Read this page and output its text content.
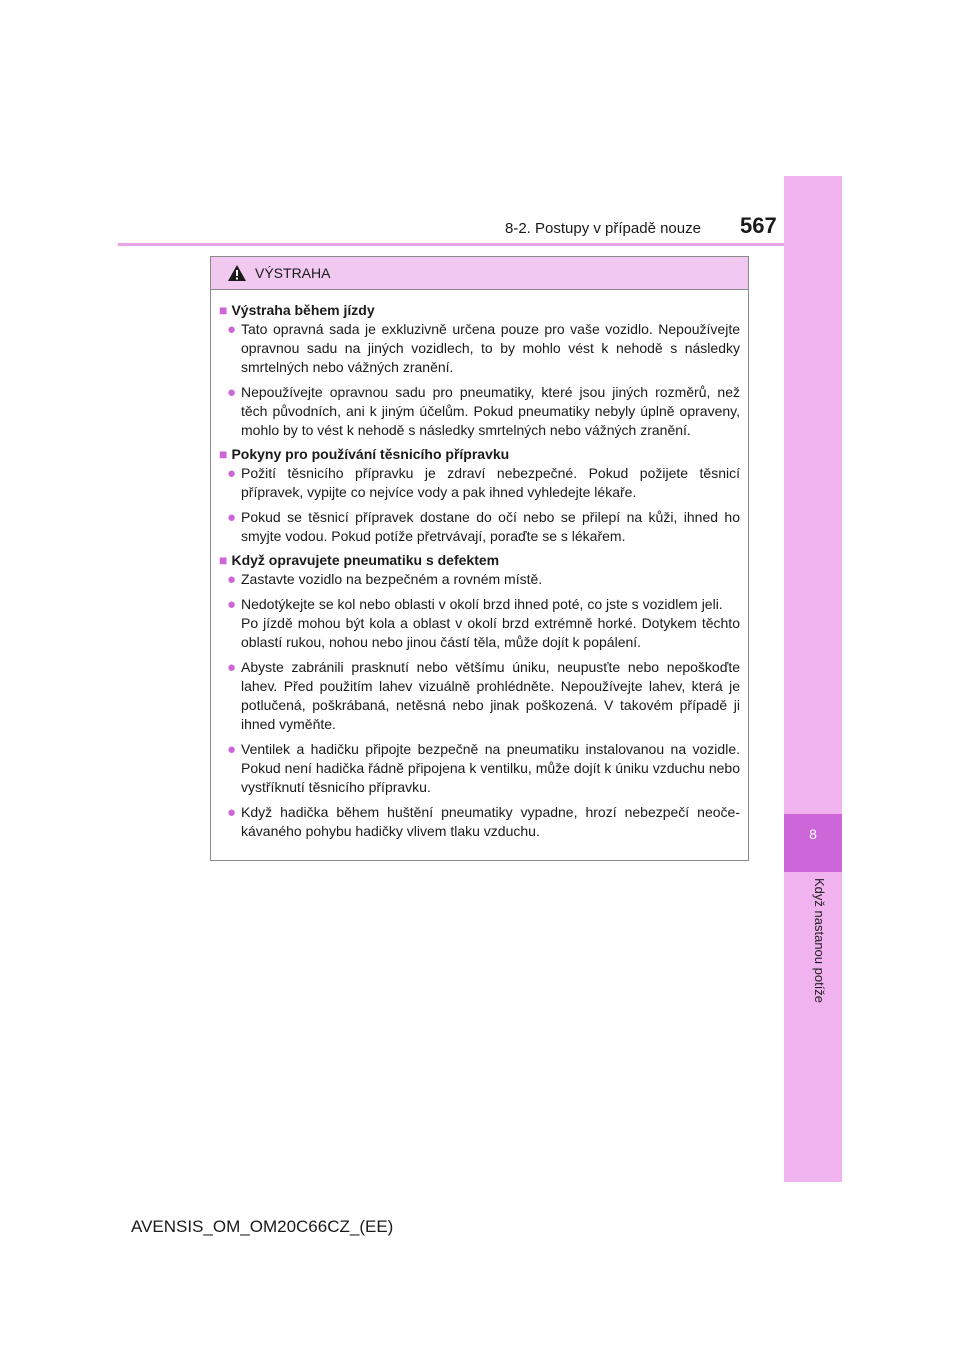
8
Když nastanou potíže
8-2. Postupy v případě nouze 567
VÝSTRAHA
■ Výstraha během jízdy
● Tato opravná sada je exkluzivně určena pouze pro vaše vozidlo. Nepoužívejte opravnou sadu na jiných vozidlech, to by mohlo vést k nehodě s následky smrtelných nebo vážných zranění.

● Nepoužívejte opravnou sadu pro pneumatiky, které jsou jiných rozměrů, než těch původních, ani k jiným účelům. Pokud pneumatiky nebyly úplně opraveny, mohlo by to vést k nehodě s následky smrtelných nebo vážných zranění.

■ Pokyny pro používání těsnicího přípravku
● Požití těsnicího přípravku je zdraví nebezpečné. Pokud požijete těsnicí přípravek, vypijte co nejvíce vody a pak ihned vyhledejte lékaře.

● Pokud se těsnicí přípravek dostane do očí nebo se přilepí na kůži, ihned ho smyjte vodou. Pokud potíže přetrvávají, poraďte se s lékařem.

■ Když opravujete pneumatiku s defektem
● Zastavte vozidlo na bezpečném a rovném místě.

● Nedotýkejte se kol nebo oblasti v okolí brzd ihned poté, co jste s vozidlem jeli.

Po jízdě mohou být kola a oblast v okolí brzd extrémně horké. Dotykem těchto oblastí rukou, nohou nebo jinou částí těla, může dojít k popálení.

● Abyste zabránili prasknutí nebo většímu úniku, neupusťte nebo nepoškoďte lahev. Před použitím lahev vizuálně prohlédněte. Nepoužívejte lahev, která je potlučená, poškrábaná, netěsná nebo jinak poškozená. V takovém případě ji ihned vyměňte.

● Ventilek a hadičku připojte bezpečně na pneumatiku instalovanou na vozidle. Pokud není hadička řádně připojena k ventilku, může dojít k úniku vzduchu nebo vystříknutí těsnicího přípravku.

● Když hadička během huštění pneumatiky vypadne, hrozí nebezpečí neočekávaného pohybu hadičky vlivem tlaku vzduchu.

AVENSIS_OM_OM20C66CZ_(EE)
